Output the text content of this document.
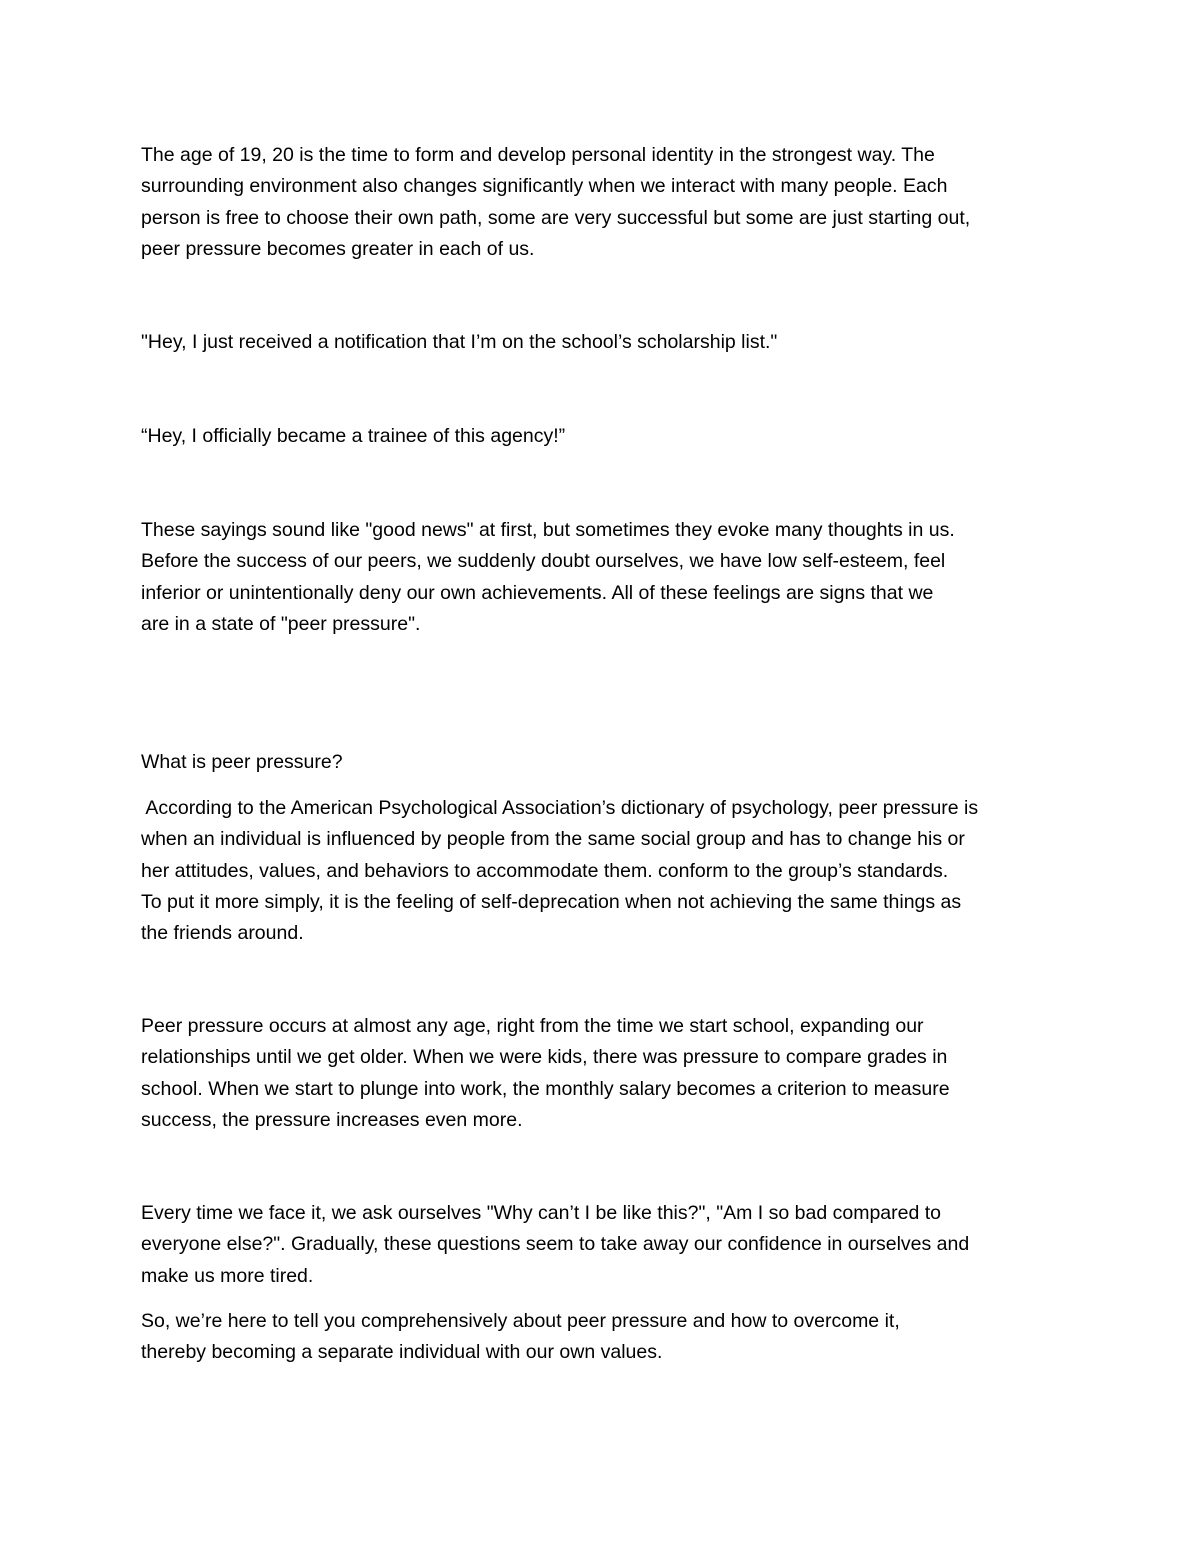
The age of 19, 20 is the time to form and develop personal identity in the strongest way. The
surrounding environment also changes significantly when we interact with many people. Each
person is free to choose their own path, some are very successful but some are just starting out,
peer pressure becomes greater in each of us.

"Hey, I just received a notification that I’m on the school’s scholarship list."

“Hey, I officially became a trainee of this agency!”

These sayings sound like "good news" at first, but sometimes they evoke many thoughts in us.
Before the success of our peers, we suddenly doubt ourselves, we have low self-esteem, feel
inferior or unintentionally deny our own achievements. All of these feelings are signs that we
are in a state of "peer pressure".

What is peer pressure?

According to the American Psychological Association’s dictionary of psychology, peer pressure is
when an individual is influenced by people from the same social group and has to change his or
her attitudes, values, and behaviors to accommodate them. conform to the group’s standards.
To put it more simply, it is the feeling of self-deprecation when not achieving the same things as
the friends around.

Peer pressure occurs at almost any age, right from the time we start school, expanding our
relationships until we get older. When we were kids, there was pressure to compare grades in
school. When we start to plunge into work, the monthly salary becomes a criterion to measure
success, the pressure increases even more.

Every time we face it, we ask ourselves "Why can’t I be like this?", "Am I so bad compared to
everyone else?". Gradually, these questions seem to take away our confidence in ourselves and
make us more tired.

So, we’re here to tell you comprehensively about peer pressure and how to overcome it,
thereby becoming a separate individual with our own values.
